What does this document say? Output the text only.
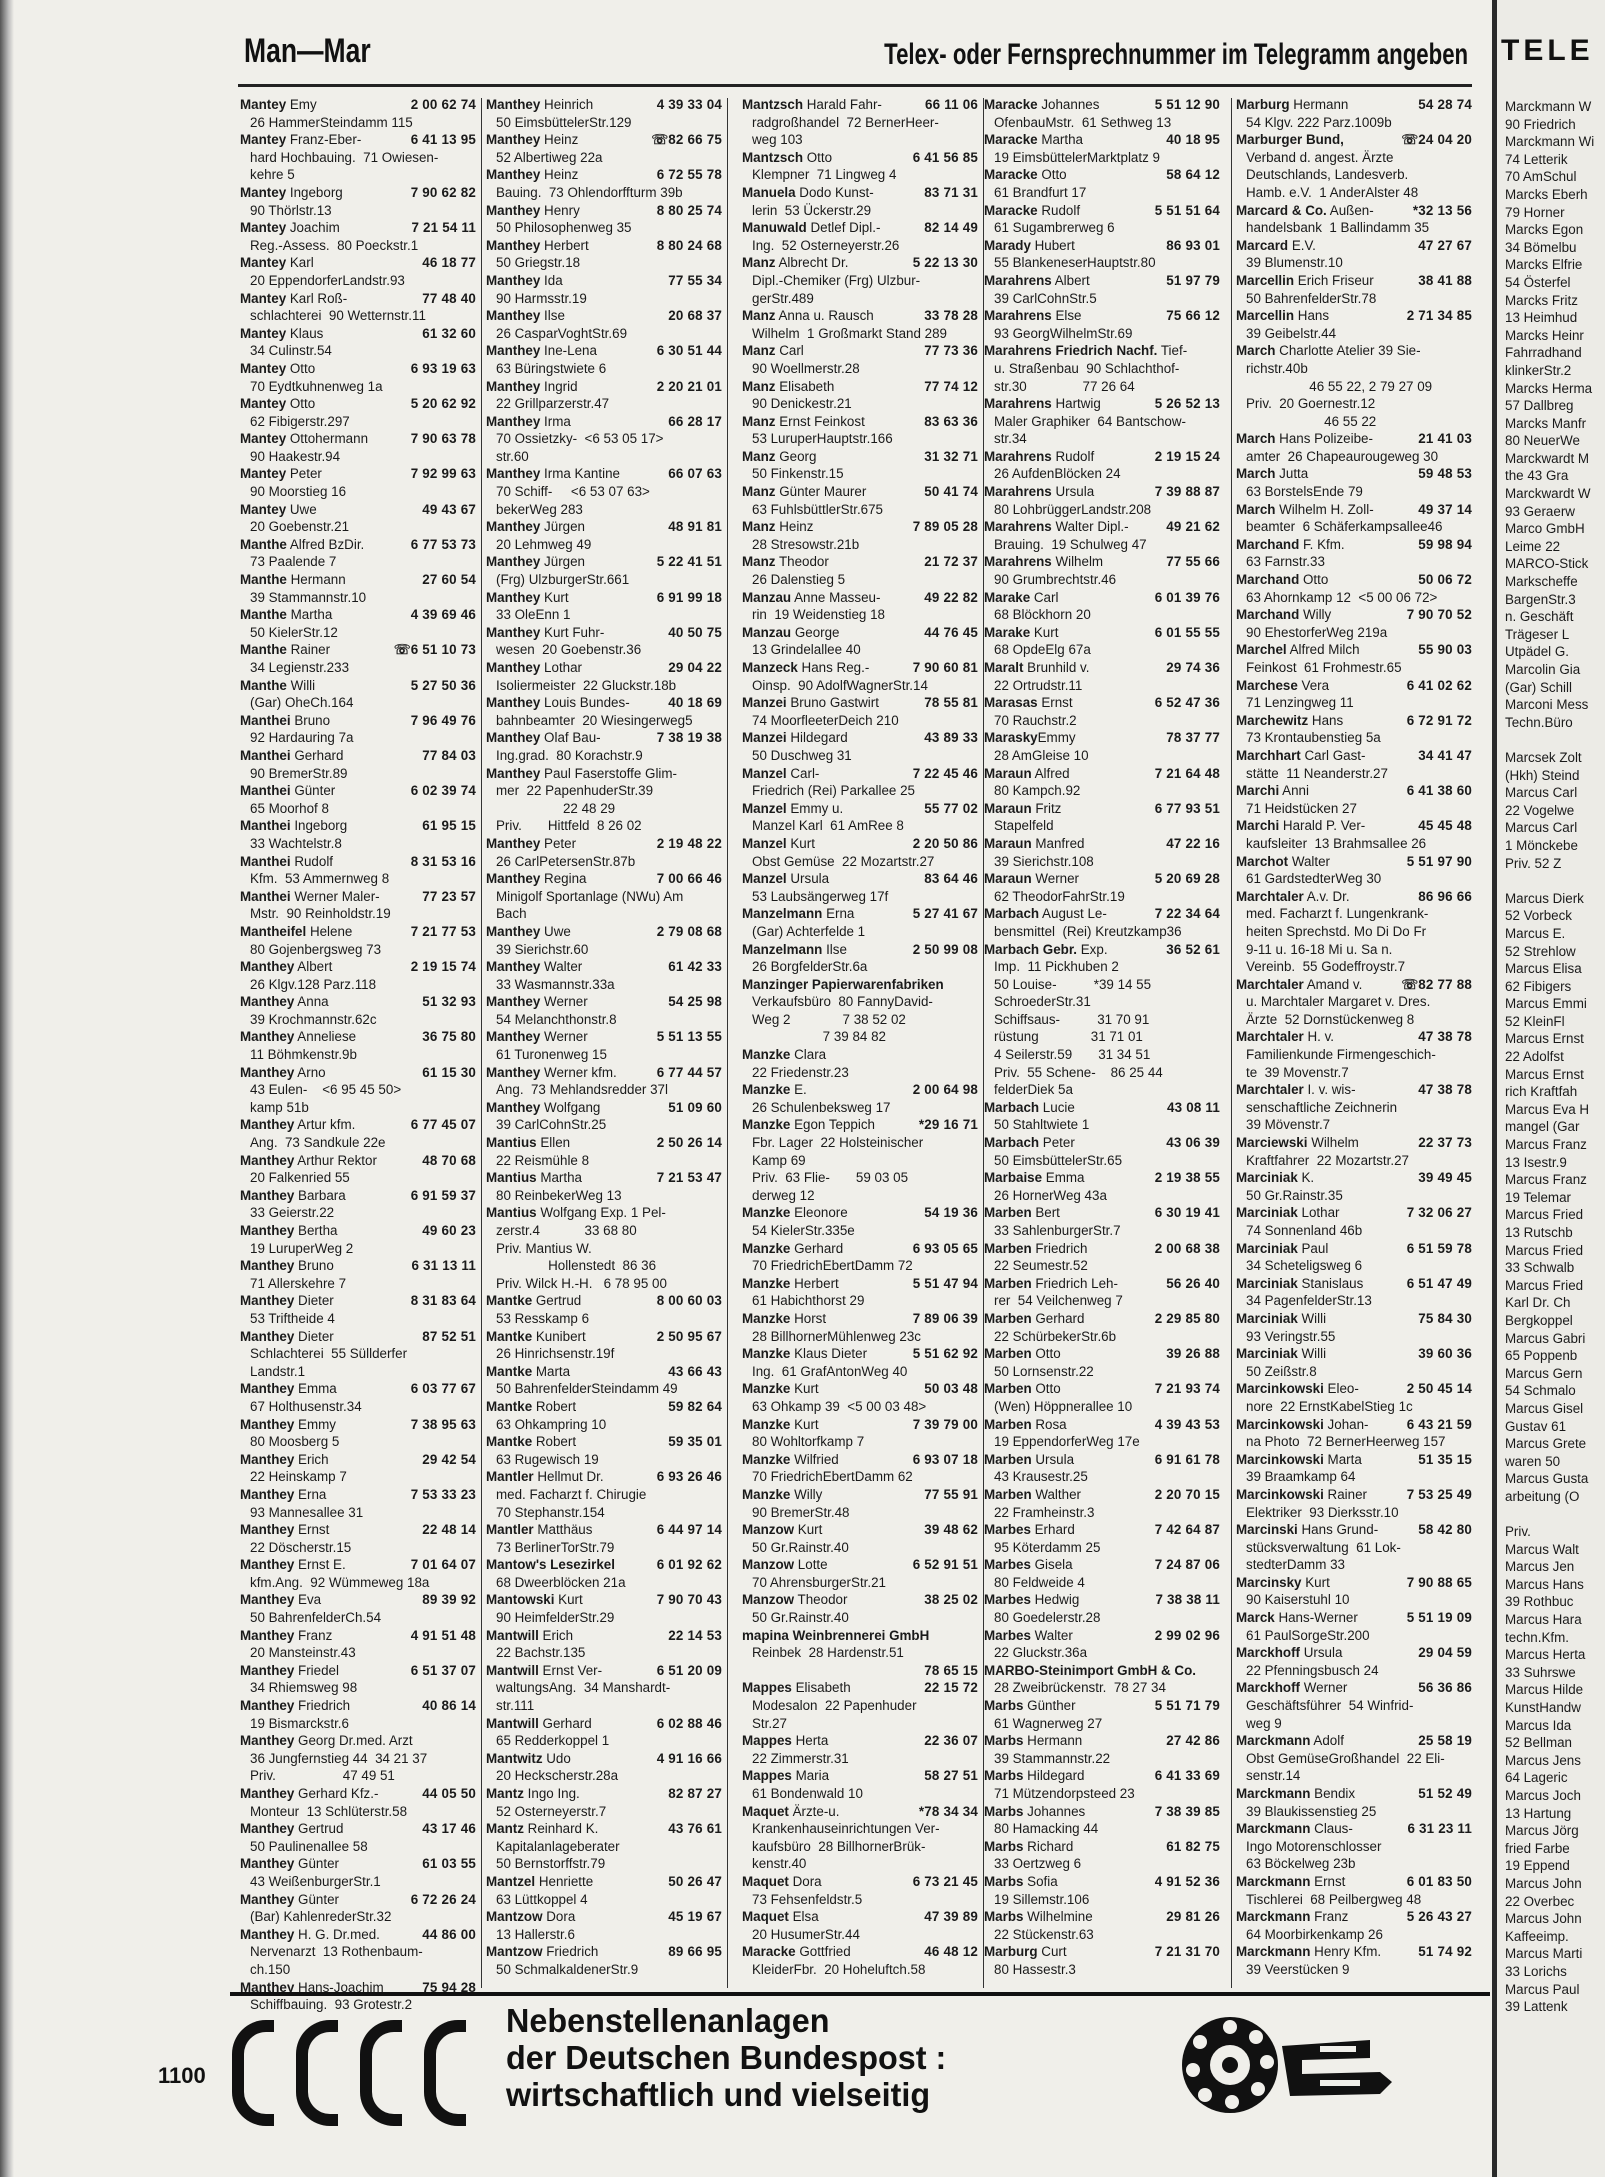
Man—Mar	Telex- oder Fernsprechnummer im Telegramm angeben
Mantey Emy	2 00 62 74
26 HammerSteindamm 115
Mantey Franz-Eber-	6 41 13 95
hard Hochbauing.  71 Owiesen-
kehre 5
Mantey Ingeborg	7 90 62 82
90 Thörlstr.13
Mantey Joachim	7 21 54 11
Reg.-Assess.  80 Poeckstr.1
Mantey Karl	46 18 77
20 EppendorferLandstr.93
Mantey Karl Roß-	77 48 40
schlachterei  90 Wetternstr.11
Mantey Klaus	61 32 60
34 Culinstr.54
Mantey Otto	6 93 19 63
70 Eydtkuhnenweg 1a
Mantey Otto	5 20 62 92
62 Fibigerstr.297
Mantey Ottohermann	7 90 63 78
90 Haakestr.94
Mantey Peter	7 92 99 63
90 Moorstieg 16
Mantey Uwe	49 43 67
20 Goebenstr.21
Manthe Alfred BzDir.	6 77 53 73
73 Paalende 7
Manthe Hermann	27 60 54
39 Stammannstr.10
Manthe Martha	4 39 69 46
50 KielerStr.12
Manthe Rainer	☏6 51 10 73
34 Legienstr.233
Manthe Willi	5 27 50 36
(Gar) OheCh.164
Manthei Bruno	7 96 49 76
92 Hardauring 7a
Manthei Gerhard	77 84 03
90 BremerStr.89
Manthei Günter	6 02 39 74
65 Moorhof 8
Manthei Ingeborg	61 95 15
33 Wachtelstr.8
Manthei Rudolf	8 31 53 16
Kfm.  53 Ammernweg 8
Manthei Werner Maler-	77 23 57
Mstr.  90 Reinholdstr.19
Mantheifel Helene	7 21 77 53
80 Gojenbergsweg 73
Manthey Albert	2 19 15 74
26 Klgv.128 Parz.118
Manthey Anna	51 32 93
39 Krochmannstr.62c
Manthey Anneliese	36 75 80
11 Böhmkenstr.9b
Manthey Arno	61 15 30
43 Eulen-    <6 95 45 50>
kamp 51b
Manthey Artur kfm.	6 77 45 07
Ang.  73 Sandkule 22e
Manthey Arthur Rektor	48 70 68
20 Falkenried 55
Manthey Barbara	6 91 59 37
33 Geierstr.22
Manthey Bertha	49 60 23
19 LuruperWeg 2
Manthey Bruno	6 31 13 11
71 Allerskehre 7
Manthey Dieter	8 31 83 64
53 Triftheide 4
Manthey Dieter	87 52 51
Schlachterei  55 Süllderfer
Landstr.1
Manthey Emma	6 03 77 67
67 Holthusenstr.34
Manthey Emmy	7 38 95 63
80 Moosberg 5
Manthey Erich	29 42 54
22 Heinskamp 7
Manthey Erna	7 53 33 23
93 Mannesallee 31
Manthey Ernst	22 48 14
22 Döscherstr.15
Manthey Ernst E.	7 01 64 07
kfm.Ang.  92 Wümmeweg 18a
Manthey Eva	89 39 92
50 BahrenfelderCh.54
Manthey Franz	4 91 51 48
20 Mansteinstr.43
Manthey Friedel	6 51 37 07
34 Rhiemsweg 98
Manthey Friedrich	40 86 14
19 Bismarckstr.6
Manthey Georg Dr.med. Arzt
36 Jungfernstieg 44  34 21 37
Priv.                  47 49 51
Manthey Gerhard Kfz.-	44 05 50
Monteur  13 Schlüterstr.58
Manthey Gertrud	43 17 46
50 Paulinenallee 58
Manthey Günter	61 03 55
43 WeißenburgerStr.1
Manthey Günter	6 72 26 24
(Bar) KahlenrederStr.32
Manthey H. G. Dr.med.	44 86 00
Nervenarzt  13 Rothenbaum-
ch.150
Manthey Hans-Joachim	75 94 28
Schiffbauing.  93 Grotestr.2
Manthey Heinrich	4 39 33 04
50 EimsbüttelerStr.129
Manthey Heinz	☏82 66 75
52 Albertiweg 22a
Manthey Heinz	6 72 55 78
Bauing.  73 Ohlendorffturm 39b
Manthey Henry	8 80 25 74
50 Philosophenweg 35
Manthey Herbert	8 80 24 68
50 Griegstr.18
Manthey Ida	77 55 34
90 Harmsstr.19
Manthey Ilse	20 68 37
26 CasparVoghtStr.69
Manthey Ine-Lena	6 30 51 44
63 Büringstwiete 6
Manthey Ingrid	2 20 21 01
22 Grillparzerstr.47
Manthey Irma	66 28 17
70 Ossietzky-  <6 53 05 17>
str.60
Manthey Irma Kantine	66 07 63
70 Schiff-     <6 53 07 63>
bekerWeg 283
Manthey Jürgen	48 91 81
20 Lehmweg 49
Manthey Jürgen	5 22 41 51
(Frg) UlzburgerStr.661
Manthey Kurt	6 91 99 18
33 OleEnn 1
Manthey Kurt Fuhr-	40 50 75
wesen  20 Goebenstr.36
Manthey Lothar	29 04 22
Isoliermeister  22 Gluckstr.18b
Manthey Louis Bundes-	40 18 69
bahnbeamter  20 Wiesingerweg5
Manthey Olaf Bau-	7 38 19 38
Ing.grad.  80 Korachstr.9
Manthey Paul Faserstoffe Glim-
mer  22 PapenhuderStr.39
22 48 29
Priv.       Hittfeld  8 26 02
Manthey Peter	2 19 48 22
26 CarlPetersenStr.87b
Manthey Regina	7 00 66 46
Minigolf Sportanlage (NWu) Am
Bach
Manthey Uwe	2 79 08 68
39 Sierichstr.60
Manthey Walter	61 42 33
33 Wasmannstr.33a
Manthey Werner	54 25 98
54 Melanchthonstr.8
Manthey Werner	5 51 13 55
61 Turonenweg 15
Manthey Werner kfm.	6 77 44 57
Ang.  73 Mehlandsredder 37l
Manthey Wolfgang	51 09 60
39 CarlCohnStr.25
Mantius Ellen	2 50 26 14
22 Reismühle 8
Mantius Martha	7 21 53 47
80 ReinbekerWeg 13
Mantius Wolfgang Exp. 1 Pel-
zerstr.4            33 68 80
Priv. Mantius W.
Hollenstedt  86 36
Priv. Wilck H.-H.   6 78 95 00
Mantke Gertrud	8 00 60 03
53 Resskamp 6
Mantke Kunibert	2 50 95 67
26 Hinrichsenstr.19f
Mantke Marta	43 66 43
50 BahrenfelderSteindamm 49
Mantke Robert	59 82 64
63 Ohkampring 10
Mantke Robert	59 35 01
63 Rugewisch 19
Mantler Hellmut Dr.	6 93 26 46
med. Facharzt f. Chirugie
70 Stephanstr.154
Mantler Matthäus	6 44 97 14
73 BerlinerTorStr.79
Mantow's Lesezirkel	6 01 92 62
68 Dweerblöcken 21a
Mantowski Kurt	7 90 70 43
90 HeimfelderStr.29
Mantwill Erich	22 14 53
22 Bachstr.135
Mantwill Ernst Ver-	6 51 20 09
waltungsAng.  34 Manshardt-
str.111
Mantwill Gerhard	6 02 88 46
65 Redderkoppel 1
Mantwitz Udo	4 91 16 66
20 Heckscherstr.28a
Mantz Ingo Ing.	82 87 27
52 Osterneyerstr.7
Mantz Reinhard K.	43 76 61
Kapitalanlageberater
50 Bernstorffstr.79
Mantzel Henriette	50 26 47
63 Lüttkoppel 4
Mantzow Dora	45 19 67
13 Hallerstr.6
Mantzow Friedrich	89 66 95
50 SchmalkaldenerStr.9
Mantzsch Harald Fahr-	66 11 06
radgroßhandel  72 BernerHeer-
weg 103
Mantzsch Otto	6 41 56 85
Klempner  71 Lingweg 4
Manuela Dodo Kunst-	83 71 31
lerin  53 Ückerstr.29
Manuwald Detlef Dipl.-	82 14 49
Ing.  52 Osterneyerstr.26
Manz Albrecht Dr.	5 22 13 30
Dipl.-Chemiker (Frg) Ulzbur-
gerStr.489
Manz Anna u. Rausch	33 78 28
Wilhelm  1 Großmarkt Stand 289
Manz Carl	77 73 36
90 Woellmerstr.28
Manz Elisabeth	77 74 12
90 Denickestr.21
Manz Ernst Feinkost	83 63 36
53 LuruperHauptstr.166
Manz Georg	31 32 71
50 Finkenstr.15
Manz Günter Maurer	50 41 74
63 FuhlsbüttlerStr.675
Manz Heinz	7 89 05 28
28 Stresowstr.21b
Manz Theodor	21 72 37
26 Dalenstieg 5
Manzau Anne Masseu-	49 22 82
rin  19 Weidenstieg 18
Manzau George	44 76 45
13 Grindelallee 40
Manzeck Hans Reg.-	7 90 60 81
Oinsp.  90 AdolfWagnerStr.14
Manzei Bruno Gastwirt	78 55 81
74 MoorfleeterDeich 210
Manzei Hildegard	43 89 33
50 Duschweg 31
Manzel Carl-	7 22 45 46
Friedrich (Rei) Parkallee 25
Manzel Emmy u.	55 77 02
Manzel Karl  61 AmRee 8
Manzel Kurt	2 20 50 86
Obst Gemüse  22 Mozartstr.27
Manzel Ursula	83 64 46
53 Laubsängerweg 17f
Manzelmann Erna	5 27 41 67
(Gar) Achterfelde 1
Manzelmann Ilse	2 50 99 08
26 BorgfelderStr.6a
Manzinger Papierwarenfabriken
Verkaufsbüro  80 FannyDavid-
Weg 2              7 38 52 02
7 39 84 82
Manzke Clara
22 Friedenstr.23
Manzke E.	2 00 64 98
26 Schulenbeksweg 17
Manzke Egon Teppich	*29 16 71
Fbr. Lager  22 Holsteinischer
Kamp 69
Priv.  63 Flie-       59 03 05
derweg 12
Manzke Eleonore	54 19 36
54 KielerStr.335e
Manzke Gerhard	6 93 05 65
70 FriedrichEbertDamm 72
Manzke Herbert	5 51 47 94
61 Habichthorst 29
Manzke Horst	7 89 06 39
28 BillhornerMühlenweg 23c
Manzke Klaus Dieter	5 51 62 92
Ing.  61 GrafAntonWeg 40
Manzke Kurt	50 03 48
63 Ohkamp 39  <5 00 03 48>
Manzke Kurt	7 39 79 00
80 Wohltorfkamp 7
Manzke Wilfried	6 93 07 18
70 FriedrichEbertDamm 62
Manzke Willy	77 55 91
90 BremerStr.48
Manzow Kurt	39 48 62
50 Gr.Rainstr.40
Manzow Lotte	6 52 91 51
70 AhrensburgerStr.21
Manzow Theodor	38 25 02
50 Gr.Rainstr.40
mapina Weinbrennerei GmbH
Reinbek  28 Hardenstr.51
78 65 15
Mappes Elisabeth	22 15 72
Modesalon  22 Papenhuder
Str.27
Mappes Herta	22 36 07
22 Zimmerstr.31
Mappes Maria	58 27 51
61 Bondenwald 10
Maquet Ärzte-u.	*78 34 34
Krankenhauseinrichtungen Ver-
kaufsbüro  28 BillhornerBrük-
kenstr.40
Maquet Dora	6 73 21 45
73 Fehsenfeldstr.5
Maquet Elsa	47 39 89
20 HusumerStr.44
Maracke Gottfried	46 48 12
KleiderFbr.  20 Hoheluftch.58
Maracke Johannes	5 51 12 90
OfenbauMstr.  61 Sethweg 13
Maracke Martha	40 18 95
19 EimsbüttelerMarktplatz 9
Maracke Otto	58 64 12
61 Brandfurt 17
Maracke Rudolf	5 51 51 64
61 Sugambrerweg 6
Marady Hubert	86 93 01
55 BlankeneserHauptstr.80
Marahrens Albert	51 97 79
39 CarlCohnStr.5
Marahrens Else	75 66 12
93 GeorgWilhelmStr.69
Marahrens Friedrich Nachf. Tief-
u. Straßenbau  90 Schlachthof-
str.30               77 26 64
Marahrens Hartwig	5 26 52 13
Maler Graphiker  64 Bantschow-
str.34
Marahrens Rudolf	2 19 15 24
26 AufdenBlöcken 24
Marahrens Ursula	7 39 88 87
80 LohbrüggerLandstr.208
Marahrens Walter Dipl.-	49 21 62
Brauing.  19 Schulweg 47
Marahrens Wilhelm	77 55 66
90 Grumbrechtstr.46
Marake Carl	6 01 39 76
68 Blöckhorn 20
Marake Kurt	6 01 55 55
68 OpdeElg 67a
Maralt Brunhild v.	29 74 36
22 Ortrudstr.11
Marasas Ernst	6 52 47 36
70 Rauchstr.2
MaraskyEmmy	78 37 77
28 AmGleise 10
Maraun Alfred	7 21 64 48
80 Kampch.92
Maraun Fritz	6 77 93 51
Stapelfeld
Maraun Manfred	47 22 16
39 Sierichstr.108
Maraun Werner	5 20 69 28
62 TheodorFahrStr.19
Marbach August Le-	7 22 34 64
bensmittel  (Rei) Kreutzkamp36
Marbach Gebr. Exp.	36 52 61
Imp.  11 Pickhuben 2
50 Louise-          *39 14 55
SchroederStr.31
Schiffsaus-          31 70 91
rüstung              31 71 01
4 Seilerstr.59       31 34 51
Priv.  55 Schene-    86 25 44
felderDiek 5a
Marbach Lucie	43 08 11
50 Stahltwiete 1
Marbach Peter	43 06 39
50 EimsbüttelerStr.65
Marbaise Emma	2 19 38 55
26 HornerWeg 43a
Marben Bert	6 30 19 41
33 SahlenburgerStr.7
Marben Friedrich	2 00 68 38
22 Seumestr.52
Marben Friedrich Leh-	56 26 40
rer  54 Veilchenweg 7
Marben Gerhard	2 29 85 80
22 SchürbekerStr.6b
Marben Otto	39 26 88
50 Lornsenstr.22
Marben Otto	7 21 93 74
(Wen) Höppnerallee 10
Marben Rosa	4 39 43 53
19 EppendorferWeg 17e
Marben Ursula	6 91 61 78
43 Krausestr.25
Marben Walther	2 20 70 15
22 Framheinstr.3
Marbes Erhard	7 42 64 87
95 Köterdamm 25
Marbes Gisela	7 24 87 06
80 Feldweide 4
Marbes Hedwig	7 38 38 11
80 Goedelerstr.28
Marbes Walter	2 99 02 96
22 Gluckstr.36a
MARBO-Steinimport GmbH & Co.
28 Zweibrückenstr.  78 27 34
Marbs Günther	5 51 71 79
61 Wagnerweg 27
Marbs Hermann	27 42 86
39 Stammannstr.22
Marbs Hildegard	6 41 33 69
71 Mützendorpsteed 23
Marbs Johannes	7 38 39 85
80 Hamacking 44
Marbs Richard	61 82 75
33 Oertzweg 6
Marbs Sofia	4 91 52 36
19 Sillemstr.106
Marbs Wilhelmine	29 81 26
22 Stückenstr.63
Marburg Curt	7 21 31 70
80 Hassestr.3
Marburg Hermann	54 28 74
54 Klgv. 222 Parz.1009b
Marburger Bund,	☏24 04 20
Verband d. angest. Ärzte
Deutschlands, Landesverb.
Hamb. e.V.  1 AnderAlster 48
Marcard & Co. Außen-	*32 13 56
handelsbank  1 Ballindamm 35
Marcard E.V.	47 27 67
39 Blumenstr.10
Marcellin Erich Friseur	38 41 88
50 BahrenfelderStr.78
Marcellin Hans	2 71 34 85
39 Geibelstr.44
March Charlotte Atelier 39 Sie-
richstr.40b
46 55 22, 2 79 27 09
Priv.  20 Goernestr.12
46 55 22
March Hans Polizeibe-	21 41 03
amter  26 Chapeaurougeweg 30
March Jutta	59 48 53
63 BorstelsEnde 79
March Wilhelm H. Zoll-	49 37 14
beamter  6 Schäferkampsallee46
Marchand F. Kfm.	59 98 94
63 Farnstr.33
Marchand Otto	50 06 72
63 Ahornkamp 12  <5 00 06 72>
Marchand Willy	7 90 70 52
90 EhestorferWeg 219a
Marchel Alfred Milch	55 90 03
Feinkost  61 Frohmestr.65
Marchese Vera	6 41 02 62
71 Lenzingweg 11
Marchewitz Hans	6 72 91 72
73 Krontaubenstieg 5a
Marchhart Carl Gast-	34 41 47
stätte  11 Neanderstr.27
Marchi Anni	6 41 38 60
71 Heidstücken 27
Marchi Harald P. Ver-	45 45 48
kaufsleiter  13 Brahmsallee 26
Marchot Walter	5 51 97 90
61 GardstedterWeg 30
Marchtaler A.v. Dr.	86 96 66
med. Facharzt f. Lungenkrank-
heiten Sprechstd. Mo Di Do Fr
9-11 u. 16-18 Mi u. Sa n.
Vereinb.  55 Godeffroystr.7
Marchtaler Amand v.	☏82 77 88
u. Marchtaler Margaret v. Dres.
Ärzte  52 Dornstückenweg 8
Marchtaler H. v.	47 38 78
Familienkunde Firmengeschich-
te  39 Movenstr.7
Marchtaler I. v. wis-	47 38 78
senschaftliche Zeichnerin
39 Mövenstr.7
Marciewski Wilhelm	22 37 73
Kraftfahrer  22 Mozartstr.27
Marciniak K.	39 49 45
50 Gr.Rainstr.35
Marciniak Lothar	7 32 06 27
74 Sonnenland 46b
Marciniak Paul	6 51 59 78
34 Scheteligsweg 6
Marciniak Stanislaus	6 51 47 49
34 PagenfelderStr.13
Marciniak Willi	75 84 30
93 Veringstr.55
Marciniak Willi	39 60 36
50 Zeißstr.8
Marcinkowski Eleo-	2 50 45 14
nore  22 ErnstKabelStieg 1c
Marcinkowski Johan-	6 43 21 59
na Photo  72 BernerHeerweg 157
Marcinkowski Marta	51 35 15
39 Braamkamp 64
Marcinkowski Rainer	7 53 25 49
Elektriker  93 Dierksstr.10
Marcinski Hans Grund-	58 42 80
stücksverwaltung  61 Lok-
stedterDamm 33
Marcinsky Kurt	7 90 88 65
90 Kaiserstuhl 10
Marck Hans-Werner	5 51 19 09
61 PaulSorgeStr.200
Marckhoff Ursula	29 04 59
22 Pfenningsbusch 24
Marckhoff Werner	56 36 86
Geschäftsführer  54 Winfrid-
weg 9
Marckmann Adolf	25 58 19
Obst GemüseGroßhandel  22 Eli-
senstr.14
Marckmann Bendix	51 52 49
39 Blaukissenstieg 25
Marckmann Claus-	6 31 23 11
Ingo Motorenschlosser
63 Böckelweg 23b
Marckmann Ernst	6 01 83 50
Tischlerei  68 Peilbergweg 48
Marckmann Franz	5 26 43 27
64 Moorbirkenkamp 26
Marckmann Henry Kfm.	51 74 92
39 Veerstücken 9
Nebenstellenanlagen
der Deutschen Bundespost :
wirtschaftlich und vielseitig
1100
TELE
Marckmann W
90 Friedrich
Marckmann Wi
74 Letterik
70 AmSchul
Marcks Eberh
79 Horner
Marcks Egon
34 Bömelbu
Marcks Elfrie
54 Österfel
Marcks Fritz
13 Heimhud
Marcks Heinr
Fahrradhand
klinkerStr.2
Marcks Herma
57 Dallbreg
Marcks Manfr
80 NeuerWe
Marckwardt M
the 43 Gra
Marckwardt W
93 Geraerw
Marco GmbH
Leime 22
MARCO-Stick
Markscheffe
BargenStr.3
n. Geschäft
Trägeser L
Utpädel G.
Marcolin Gia
(Gar) Schill
Marconi Mess
Techn.Büro

Marcsek Zolt
(Hkh) Steind
Marcus Carl
22 Vogelwe
Marcus Carl
1 Mönckebe
Priv. 52 Z

Marcus Dierk
52 Vorbeck
Marcus E.
52 Strehlow
Marcus Elisa
62 Fibigers
Marcus Emmi
52 KleinFl
Marcus Ernst
22 Adolfst
Marcus Ernst
rich Kraftfah
Marcus Eva H
mangel (Gar
Marcus Franz
13 Isestr.9
Marcus Franz
19 Telemar
Marcus Fried
13 Rutschb
Marcus Fried
33 Schwalb
Marcus Fried
Karl Dr. Ch
Bergkoppel
Marcus Gabri
65 Poppenb
Marcus Gern
54 Schmalo
Marcus Gisel
Gustav 61
Marcus Grete
waren 50
Marcus Gusta
arbeitung (O

Priv.
Marcus Walt
Marcus Jen
Marcus Hans
39 Rothbuc
Marcus Hara
techn.Kfm.
Marcus Herta
33 Suhrswe
Marcus Hilde
KunstHandw
Marcus Ida
52 Bellman
Marcus Jens
64 Lageric
Marcus Joch
13 Hartung
Marcus Jörg
fried Farbe
19 Eppend
Marcus John
22 Overbec
Marcus John
Kaffeeimp.
Marcus Marti
33 Lorichs
Marcus Paul
39 Lattenk
